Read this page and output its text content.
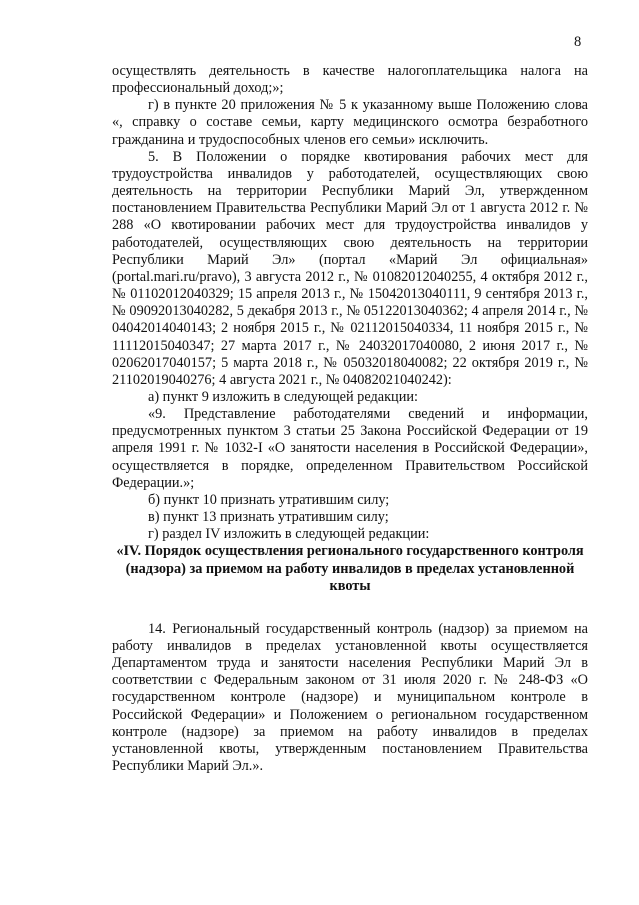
8

осуществлять деятельность в качестве налогоплательщика налога на профессиональный доход;»;

г) в пункте 20 приложения № 5 к указанному выше Положению слова «, справку о составе семьи, карту медицинского осмотра безработного гражданина и трудоспособных членов его семьи» исключить.

5. В Положении о порядке квотирования рабочих мест для трудоустройства инвалидов у работодателей, осуществляющих свою деятельность на территории Республики Марий Эл, утвержденном постановлением Правительства Республики Марий Эл от 1 августа 2012 г. № 288 «О квотировании рабочих мест для трудоустройства инвалидов у работодателей, осуществляющих свою деятельность на территории Республики Марий Эл» (портал «Марий Эл официальная» (portal.mari.ru/pravo), 3 августа 2012 г., № 01082012040255, 4 октября 2012 г., № 01102012040329; 15 апреля 2013 г., № 15042013040111, 9 сентября 2013 г., № 09092013040282, 5 декабря 2013 г., № 05122013040362; 4 апреля 2014 г., № 04042014040143; 2 ноября 2015 г., № 02112015040334, 11 ноября 2015 г., № 11112015040347; 27 марта 2017 г., № 24032017040080, 2 июня 2017 г., № 02062017040157; 5 марта 2018 г., № 05032018040082; 22 октября 2019 г., № 21102019040276; 4 августа 2021 г., № 04082021040242):

а) пункт 9 изложить в следующей редакции:

«9. Представление работодателями сведений и информации, предусмотренных пунктом 3 статьи 25 Закона Российской Федерации от 19 апреля 1991 г. № 1032-I «О занятости населения в Российской Федерации», осуществляется в порядке, определенном Правительством Российской Федерации.»;

б) пункт 10 признать утратившим силу;

в) пункт 13 признать утратившим силу;

г) раздел IV изложить в следующей редакции:

«IV. Порядок осуществления регионального государственного контроля (надзора) за приемом на работу инвалидов в пределах установленной квоты

14. Региональный государственный контроль (надзор) за приемом на работу инвалидов в пределах установленной квоты осуществляется Департаментом труда и занятости населения Республики Марий Эл в соответствии с Федеральным законом от 31 июля 2020 г. № 248-ФЗ «О государственном контроле (надзоре) и муниципальном контроле в Российской Федерации» и Положением о региональном государственном контроле (надзоре) за приемом на работу инвалидов в пределах установленной квоты, утвержденным постановлением Правительства Республики Марий Эл.».
